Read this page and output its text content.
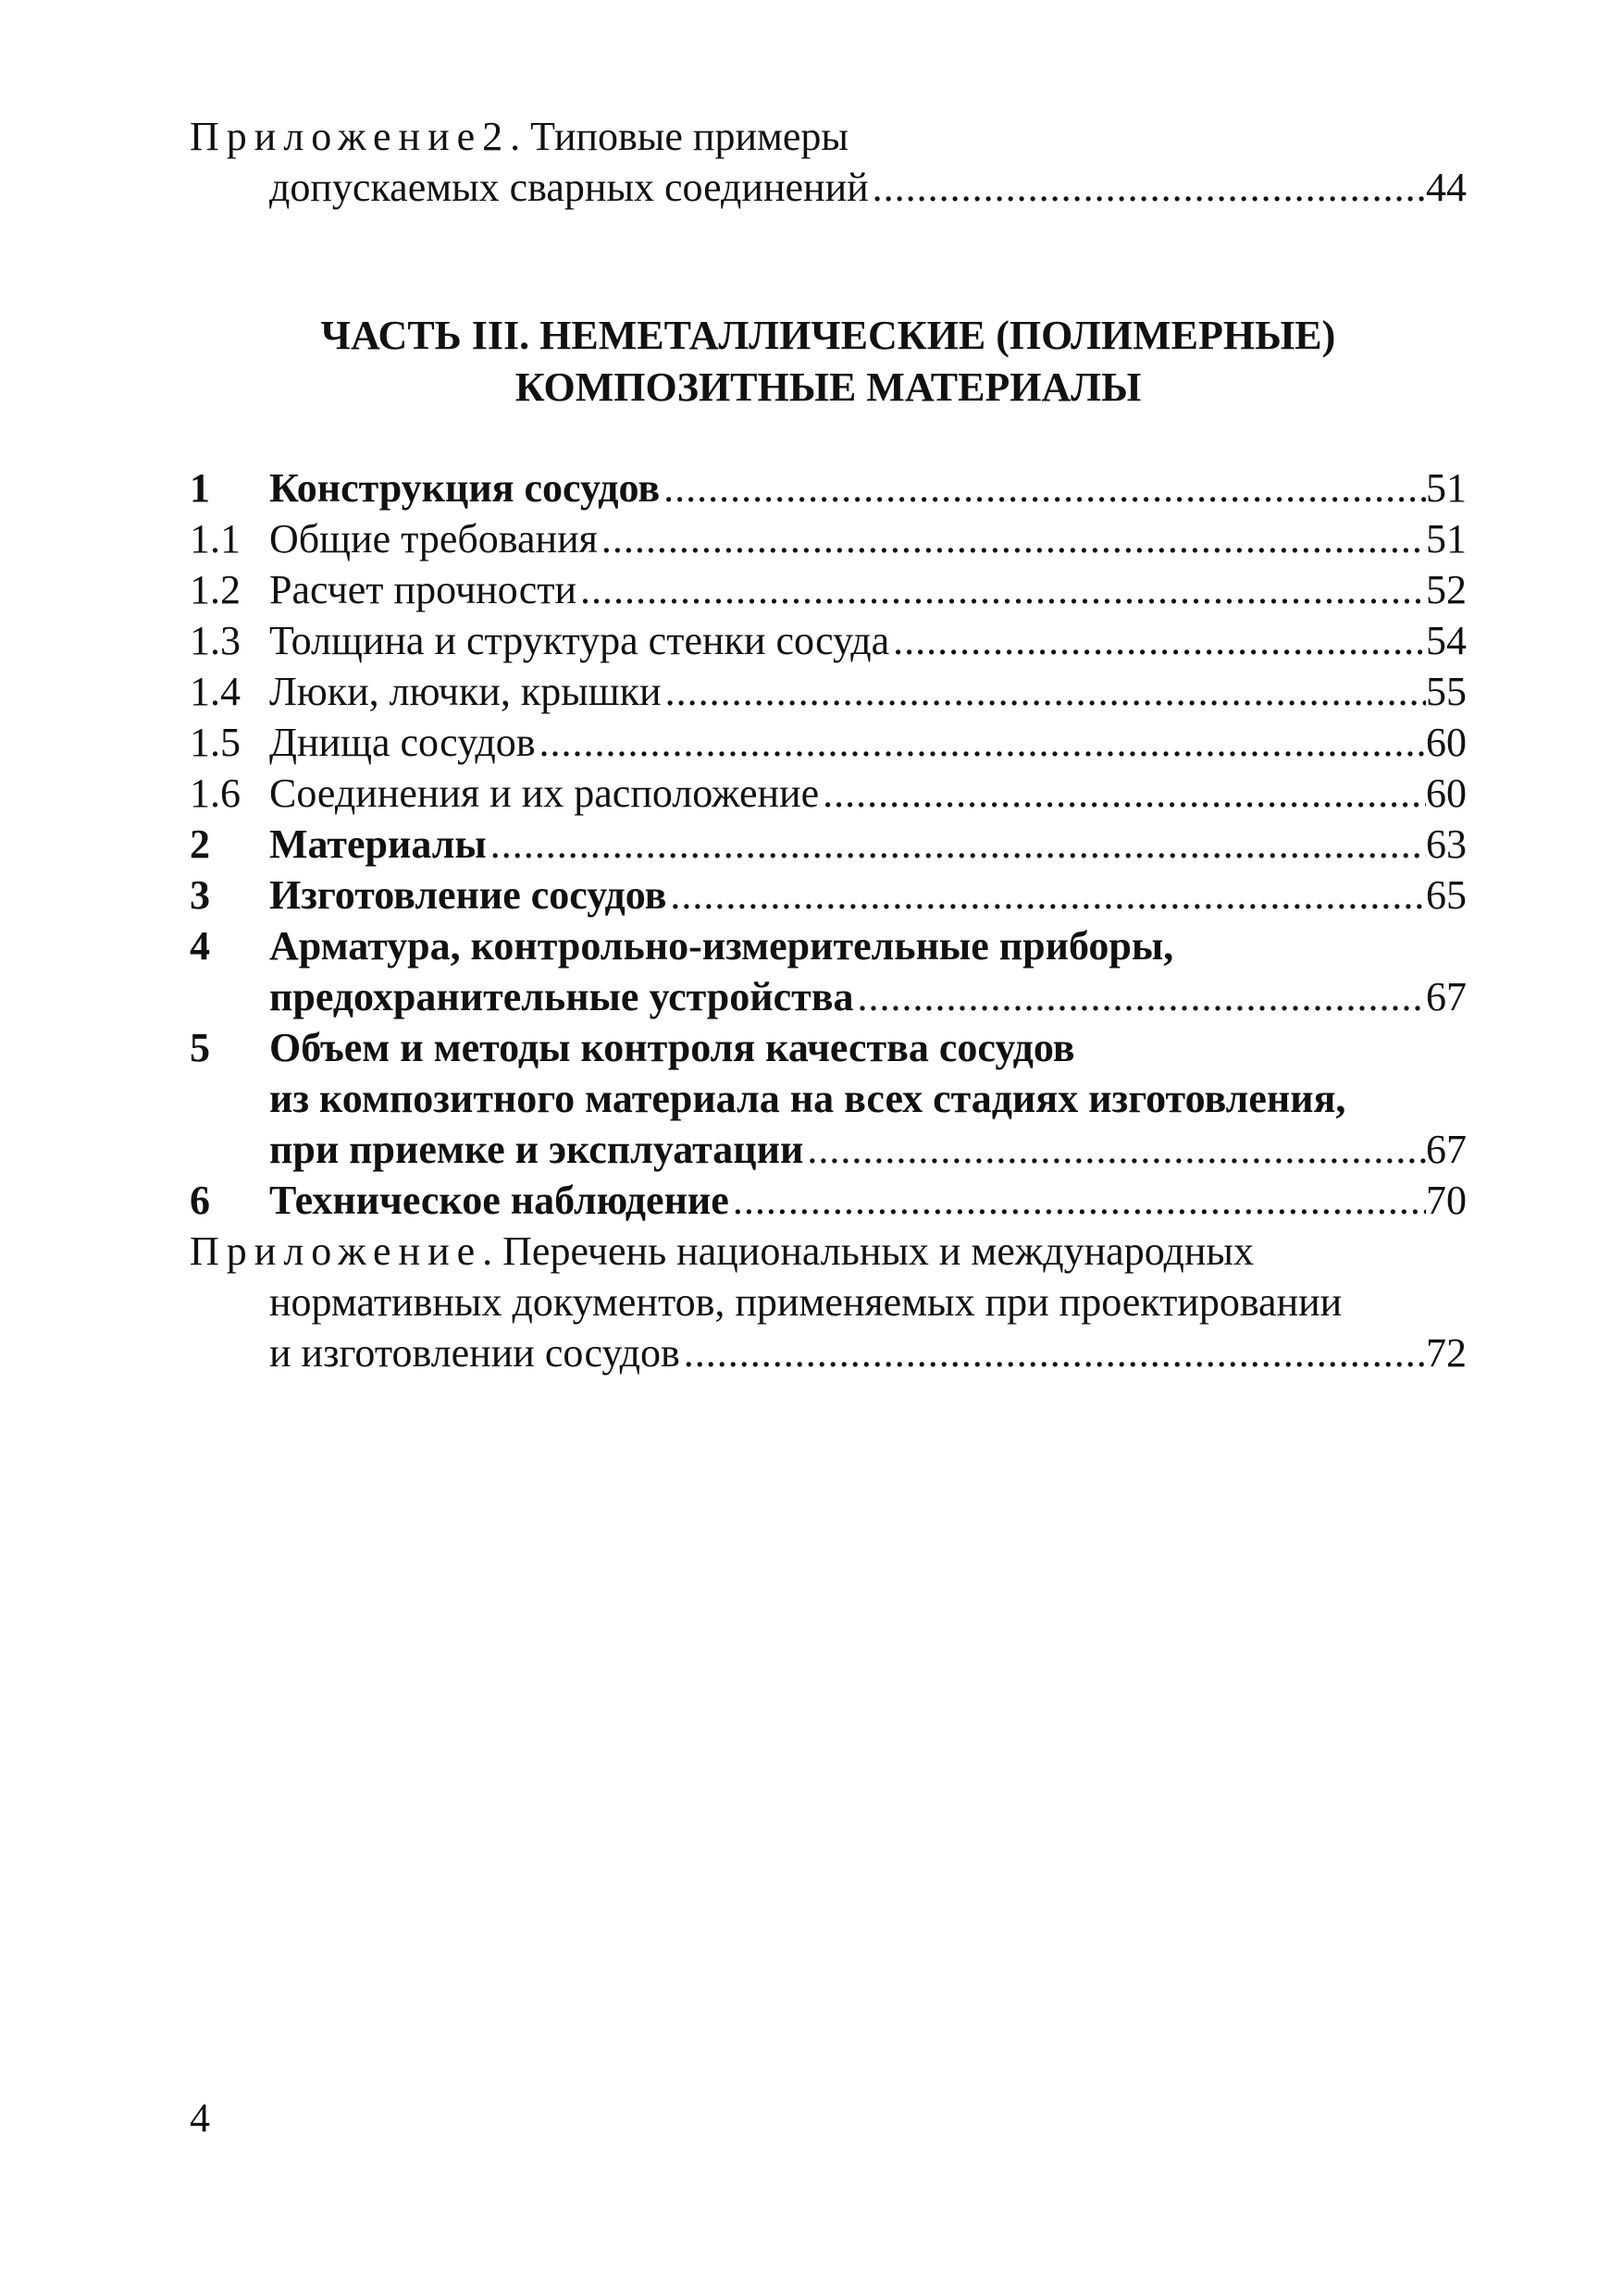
Приложение2. Типовые примеры
допускаемых сварных соединений .....	44
ЧАСТЬ III. НЕМЕТАЛЛИЧЕСКИЕ (ПОЛИМЕРНЫЕ)
КОМПОЗИТНЫЕ МАТЕРИАЛЫ
1	Конструкция сосудов .....	51
1.1 Общие требования .....	51
1.2 Расчет прочности .....	52
1.3 Толщина и структура стенки сосуда .....	54
1.4 Люки, лючки, крышки .....	55
1.5 Днища сосудов .....	60
1.6 Соединения и их расположение .....	60
2	Материалы .....	63
3	Изготовление сосудов .....	65
4	Арматура, контрольно-измерительные приборы,
предохранительные устройства .....	67
5	Объем и методы контроля качества сосудов
из композитного материала на всех стадиях изготовления,
при приемке и эксплуатации .....	67
6	Техническое наблюдение .....	70
Приложение. Перечень национальных и международных
нормативных документов, применяемых при проектировании
и изготовлении сосудов .....	72
4
